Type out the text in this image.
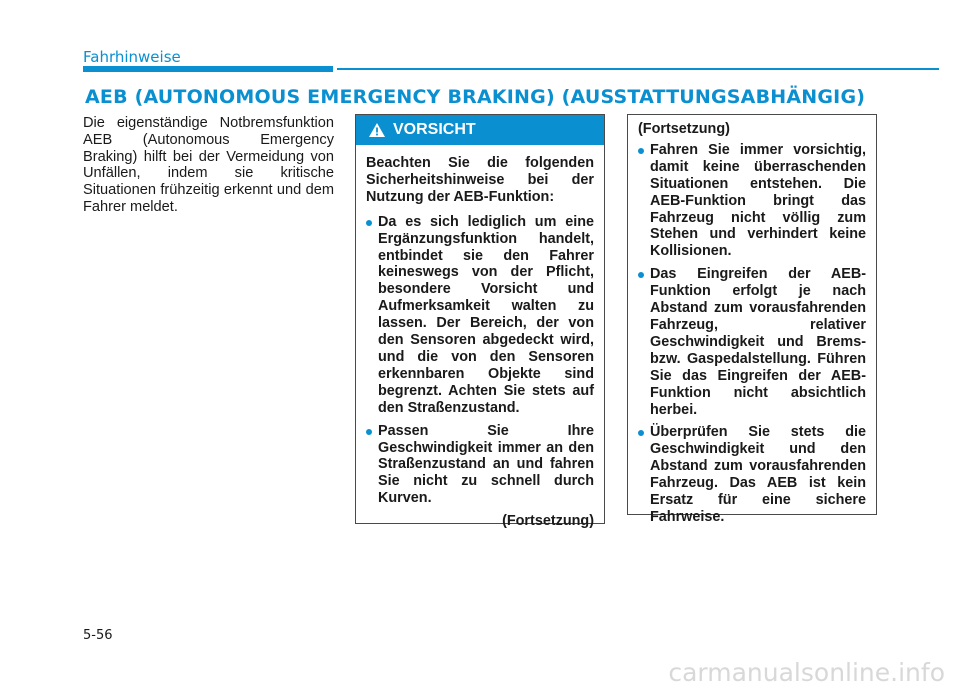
Fahrhinweise
AEB (AUTONOMOUS EMERGENCY BRAKING) (AUSSTATTUNGSABHÄNGIG)
Die eigenständige Notbremsfunktion AEB (Autonomous Emergency Braking) hilft bei der Vermeidung von Unfällen, indem sie kritische Situationen frühzeitig erkennt und dem Fahrer meldet.
VORSICHT

Beachten Sie die folgenden Sicherheitshinweise bei der Nutzung der AEB-Funktion:

Da es sich lediglich um eine Ergänzungsfunktion handelt, entbindet sie den Fahrer keineswegs von der Pflicht, besondere Vorsicht und Aufmerksamkeit walten zu lassen. Der Bereich, der von den Sensoren abgedeckt wird, und die von den Sensoren erkennbaren Objekte sind begrenzt. Achten Sie stets auf den Straßenzustand.
Passen Sie Ihre Geschwindigkeit immer an den Straßenzustand an und fahren Sie nicht zu schnell durch Kurven.

(Fortsetzung)

(Fortsetzung)

Fahren Sie immer vorsichtig, damit keine überraschenden Situationen entstehen. Die AEB-Funktion bringt das Fahrzeug nicht völlig zum Stehen und verhindert keine Kollisionen.
Das Eingreifen der AEB-Funktion erfolgt je nach Abstand zum vorausfahrenden Fahrzeug, relativer Geschwindigkeit und Brems- bzw. Gaspedalstellung. Führen Sie das Eingreifen der AEB-Funktion nicht absichtlich herbei.
Überprüfen Sie stets die Geschwindigkeit und den Abstand zum vorausfahrenden Fahrzeug. Das AEB ist kein Ersatz für eine sichere Fahrweise.
5-56
carmanualsonline.info
